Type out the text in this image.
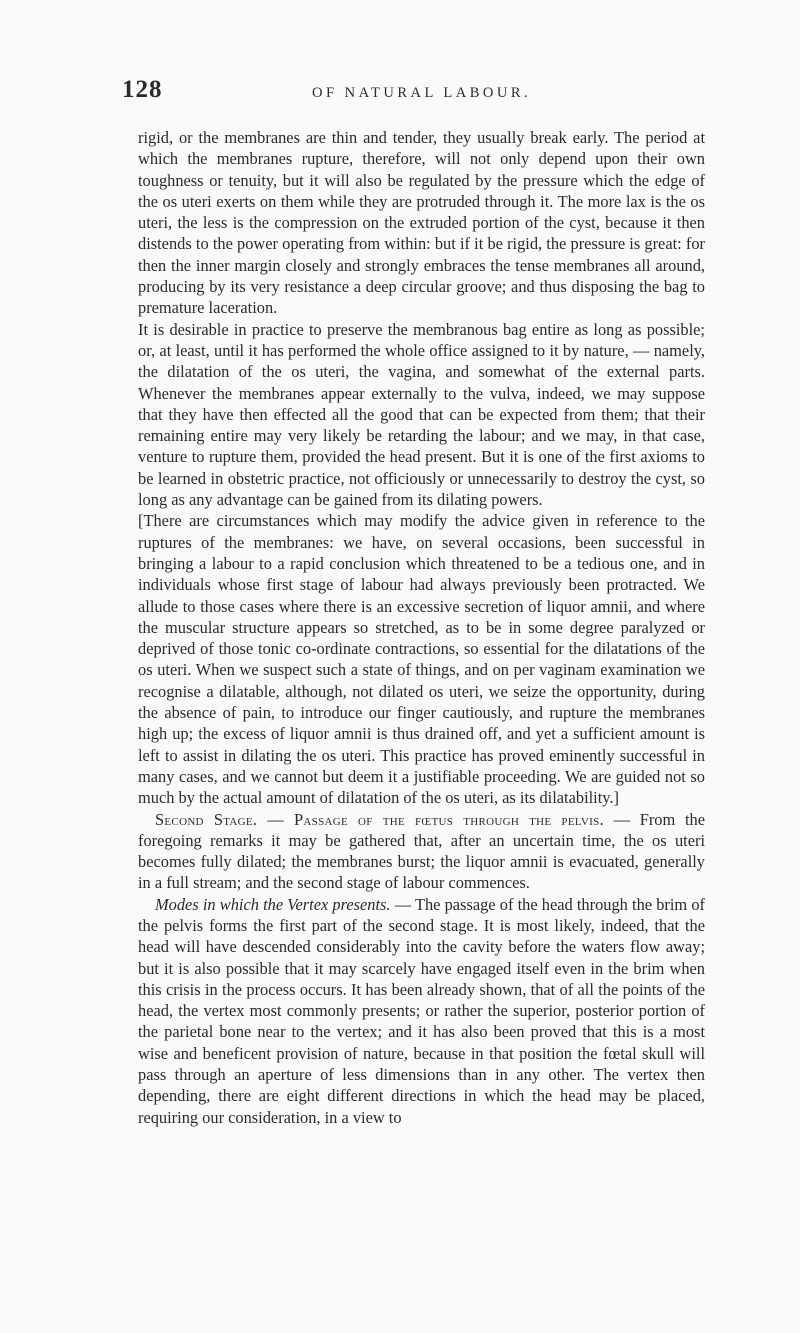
128	OF NATURAL LABOUR.

rigid, or the membranes are thin and tender, they usually break early. The period at which the membranes rupture, therefore, will not only depend upon their own toughness or tenuity, but it will also be regulated by the pressure which the edge of the os uteri exerts on them while they are protruded through it. The more lax is the os uteri, the less is the compression on the extruded portion of the cyst, because it then distends to the power operating from within: but if it be rigid, the pressure is great: for then the inner margin closely and strongly embraces the tense membranes all around, producing by its very resistance a deep circular groove; and thus disposing the bag to premature laceration.

It is desirable in practice to preserve the membranous bag entire as long as possible; or, at least, until it has performed the whole office assigned to it by nature, — namely, the dilatation of the os uteri, the vagina, and somewhat of the external parts. Whenever the membranes appear externally to the vulva, indeed, we may suppose that they have then effected all the good that can be expected from them; that their remaining entire may very likely be retarding the labour; and we may, in that case, venture to rupture them, provided the head present. But it is one of the first axioms to be learned in obstetric practice, not officiously or unnecessarily to destroy the cyst, so long as any advantage can be gained from its dilating powers.

[There are circumstances which may modify the advice given in reference to the ruptures of the membranes: we have, on several occasions, been successful in bringing a labour to a rapid conclusion which threatened to be a tedious one, and in individuals whose first stage of labour had always previously been protracted. We allude to those cases where there is an excessive secretion of liquor amnii, and where the muscular structure appears so stretched, as to be in some degree paralyzed or deprived of those tonic co-ordinate contractions, so essential for the dilatations of the os uteri. When we suspect such a state of things, and on per vaginam examination we recognise a dilatable, although, not dilated os uteri, we seize the opportunity, during the absence of pain, to introduce our finger cautiously, and rupture the membranes high up; the excess of liquor amnii is thus drained off, and yet a sufficient amount is left to assist in dilating the os uteri. This practice has proved eminently successful in many cases, and we cannot but deem it a justifiable proceeding. We are guided not so much by the actual amount of dilatation of the os uteri, as its dilatability.]

Second Stage. — Passage of the fœtus through the pelvis. — From the foregoing remarks it may be gathered that, after an uncertain time, the os uteri becomes fully dilated; the membranes burst; the liquor amnii is evacuated, generally in a full stream; and the second stage of labour commences.

Modes in which the Vertex presents. — The passage of the head through the brim of the pelvis forms the first part of the second stage. It is most likely, indeed, that the head will have descended considerably into the cavity before the waters flow away; but it is also possible that it may scarcely have engaged itself even in the brim when this crisis in the process occurs. It has been already shown, that of all the points of the head, the vertex most commonly presents; or rather the superior, posterior portion of the parietal bone near to the vertex; and it has also been proved that this is a most wise and beneficent provision of nature, because in that position the fœtal skull will pass through an aperture of less dimensions than in any other. The vertex then depending, there are eight different directions in which the head may be placed, requiring our consideration, in a view to
